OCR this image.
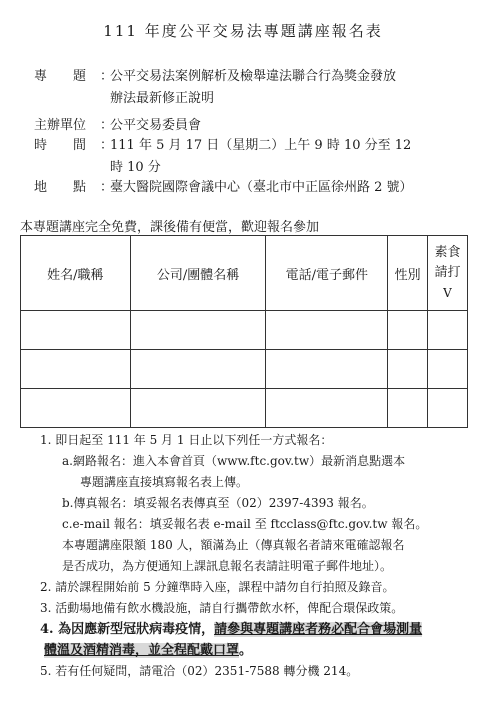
111 年度公平交易法專題講座報名表
專　　題 ：公平交易法案例解析及檢舉違法聯合行為獎金發放
辦法最新修正說明
主辦單位 ：公平交易委員會
時　　間 ：111 年 5 月 17 日（星期二）上午 9 時 10 分至 12
時 10 分
地　　點 ：臺大醫院國際會議中心（臺北市中正區徐州路 2 號）
本專題講座完全免費，課後備有便當，歡迎報名參加
姓名/職稱	公司/團體名稱	電話/電子郵件	性別	素食
請打
V

1. 即日起至 111 年 5 月 1 日止以下列任一方式報名：
a.網路報名：進入本會首頁（www.ftc.gov.tw）最新消息點選本
專題講座直接填寫報名表上傳。
b.傳真報名：填妥報名表傳真至（02）2397-4393 報名。
c.e-mail 報名：填妥報名表 e-mail 至 ftcclass@ftc.gov.tw 報名。
本專題講座限額 180 人，額滿為止（傳真報名者請來電確認報名
是否成功，為方便通知上課訊息報名表請註明電子郵件地址）。
2. 請於課程開始前 5 分鐘準時入座，課程中請勿自行拍照及錄音。
3. 活動場地備有飲水機設施，請自行攜帶飲水杯，俾配合環保政策。
4. 為因應新型冠狀病毒疫情，請參與專題講座者務必配合會場測量
體溫及酒精消毒，並全程配戴口罩。
5. 若有任何疑問，請電洽（02）2351-7588 轉分機 214。
